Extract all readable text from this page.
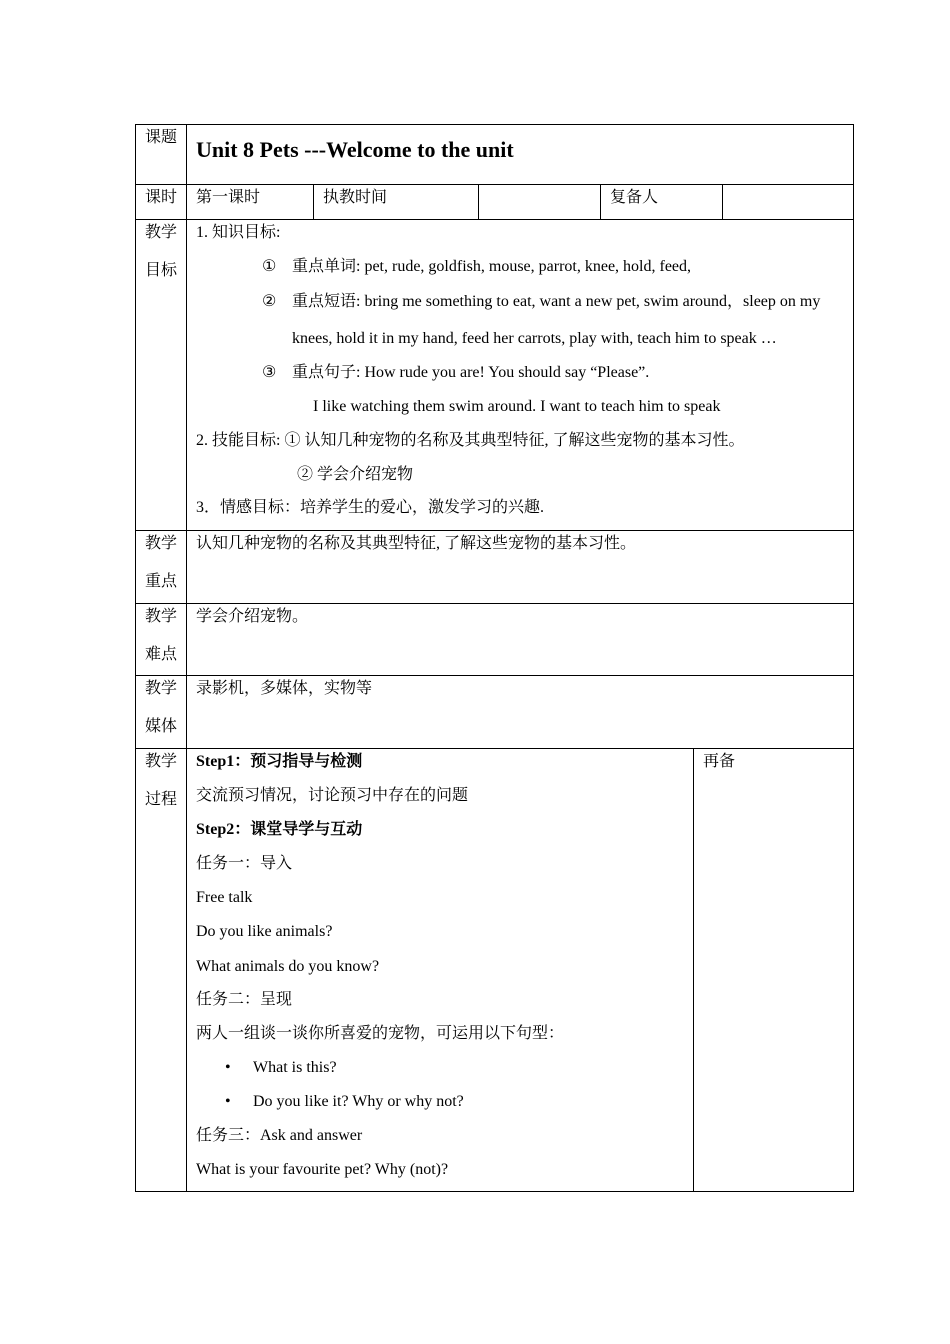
课题 Unit 8 Pets ---Welcome to the unit
课时 第一课时	执教时间	复备人
教学
目标
1. 知识目标:
① 重点单词: pet, rude, goldfish, mouse, parrot, knee, hold, feed,
② 重点短语: bring me something to eat, want a new pet, swim around，sleep on my
knees, hold it in my hand, feed her carrots, play with, teach him to speak …
③ 重点句子: How rude you are! You should say “Please”.
I like watching them swim around. I want to teach him to speak
2. 技能目标: ① 认知几种宠物的名称及其典型特征, 了解这些宠物的基本习性。
② 学会介绍宠物
3．情感目标：培养学生的爱心，激发学习的兴趣.
教学
重点
认知几种宠物的名称及其典型特征, 了解这些宠物的基本习性。
教学
难点
学会介绍宠物。
教学
媒体
录影机，多媒体，实物等
教学
过程
再备
Step1：预习指导与检测
交流预习情况，讨论预习中存在的问题
Step2：课堂导学与互动
任务一：导入
Free talk
Do you like animals?
What animals do you know?
任务二：呈现
两人一组谈一谈你所喜爱的宠物，可运用以下句型：
• What is this?
• Do you like it? Why or why not?
任务三：Ask and answer
What is your favourite pet? Why (not)?
